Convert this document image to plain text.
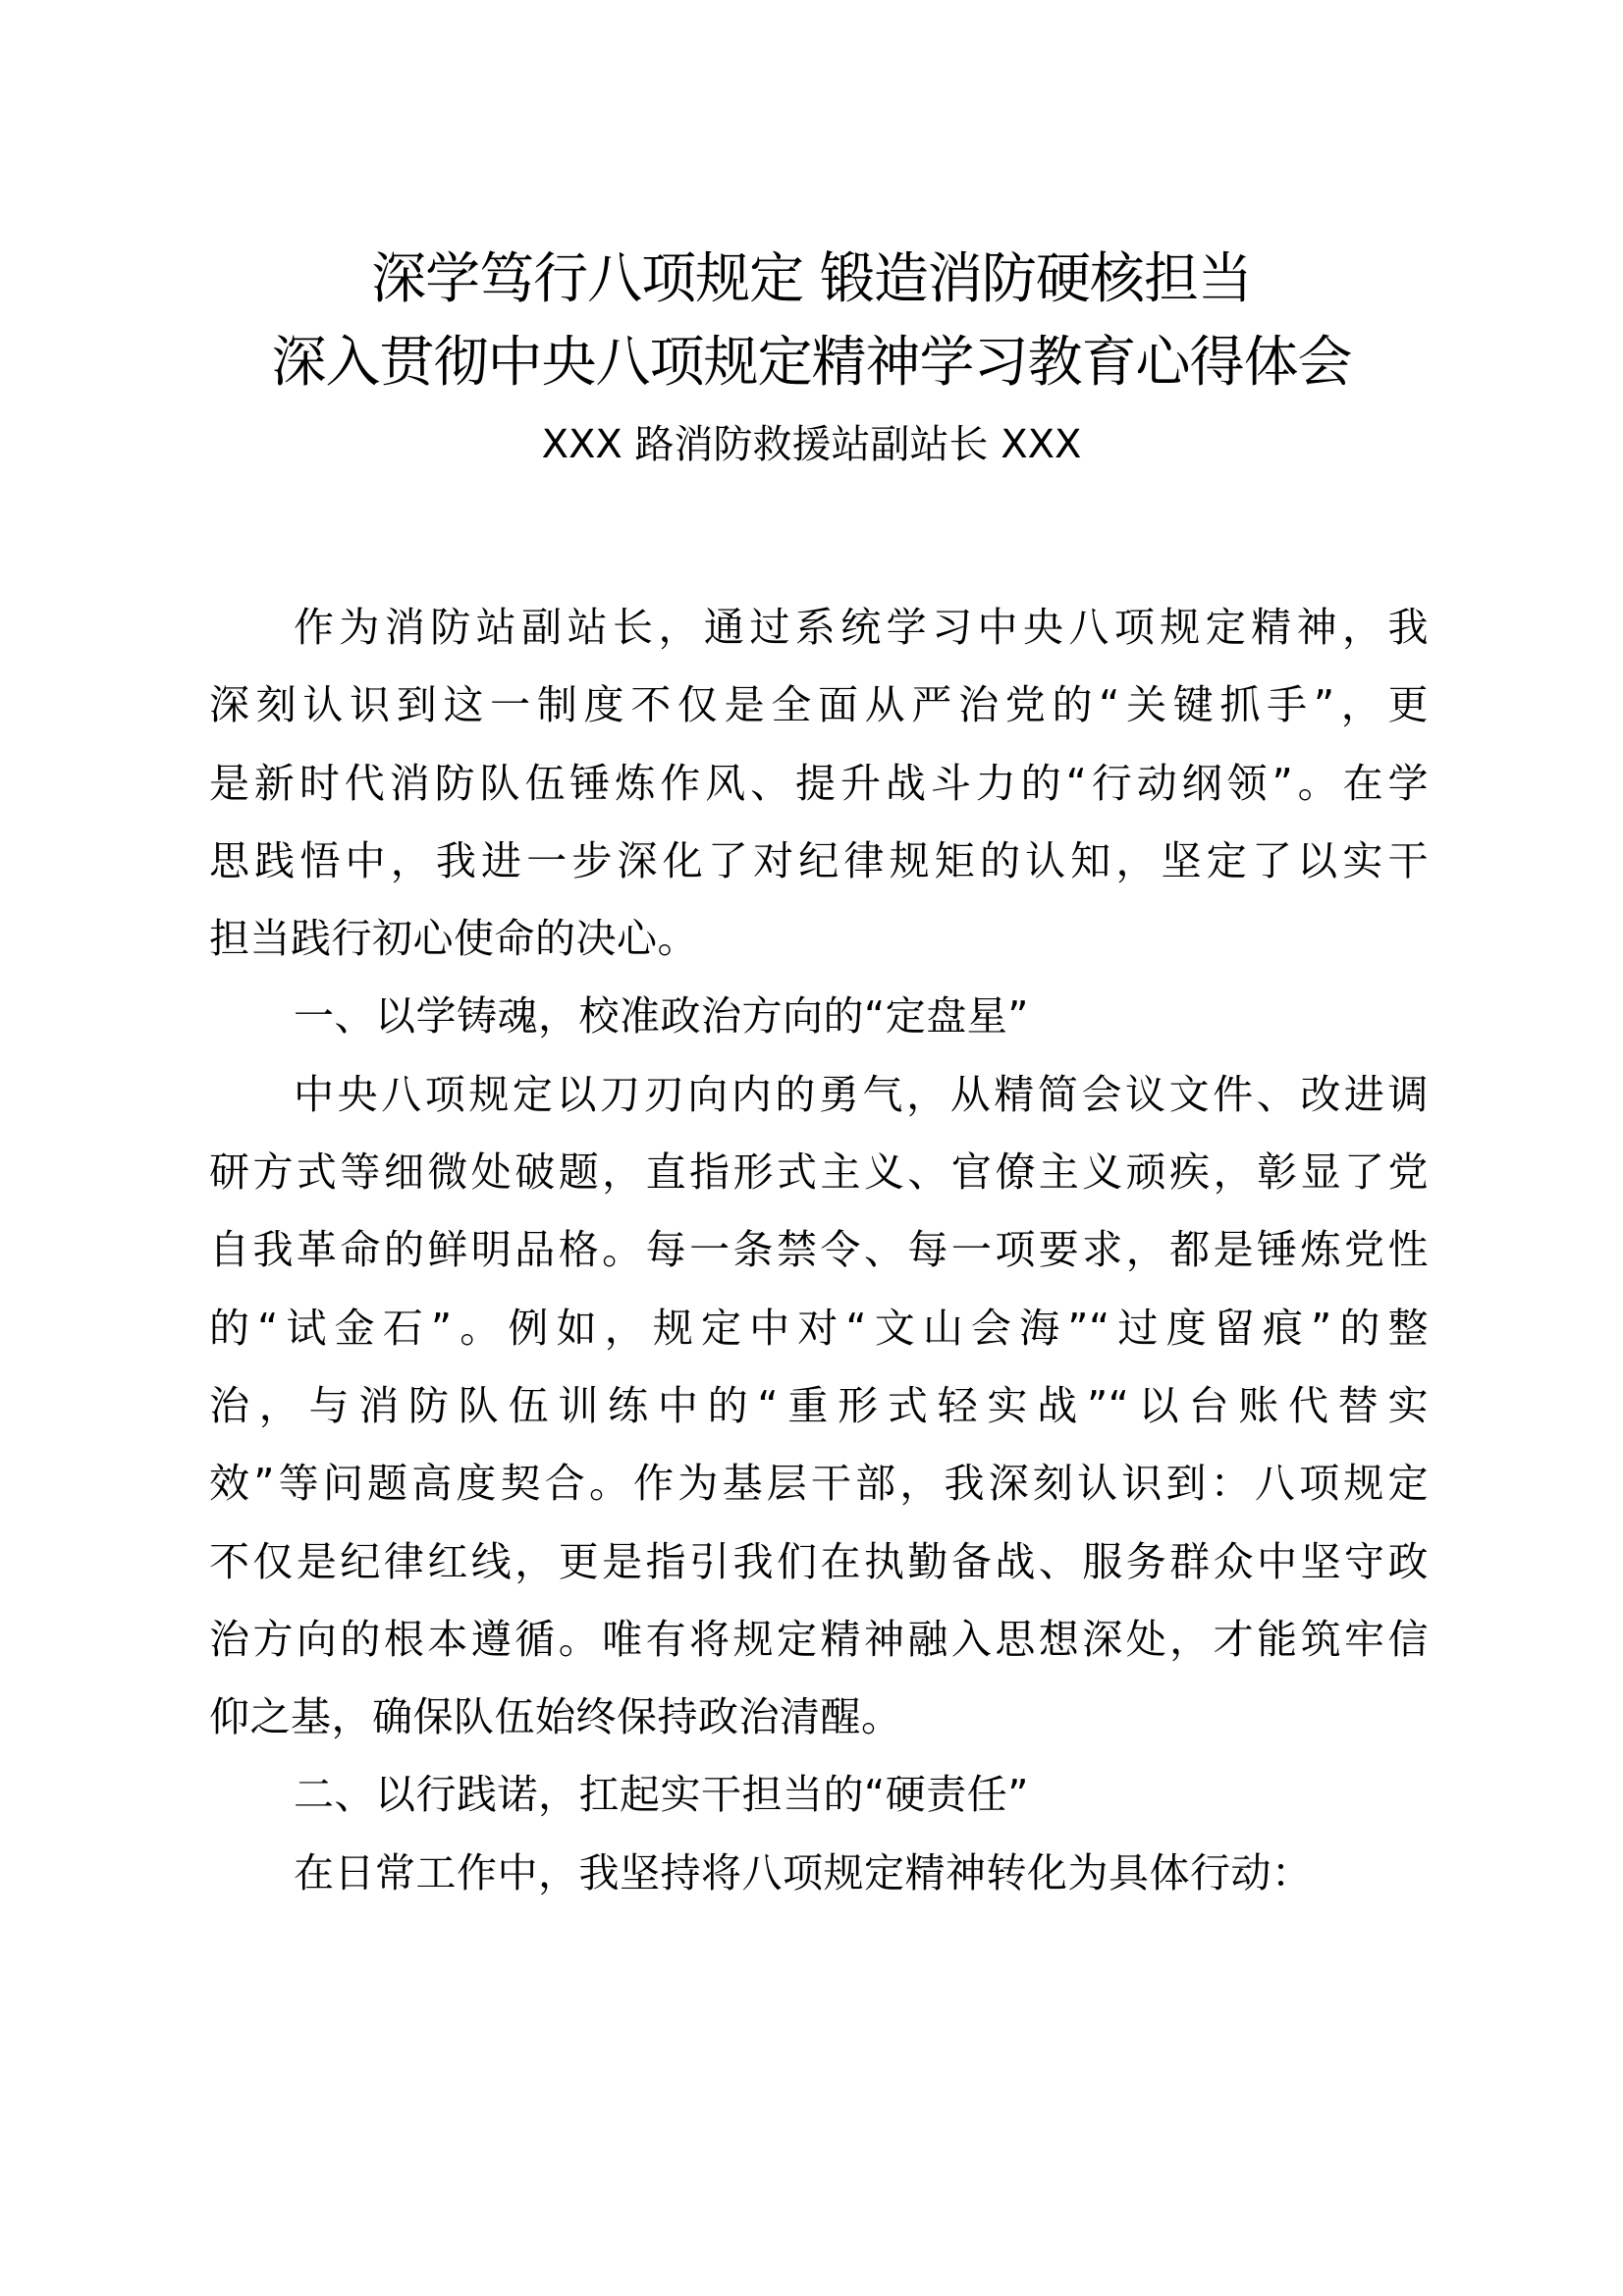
深学笃行八项规定 锻造消防硬核担当
深入贯彻中央八项规定精神学习教育心得体会
XXX 路消防救援站副站长 XXX
作为消防站副站长，通过系统学习中央八项规定精神，我
深刻认识到这一制度不仅是全面从严治党的“关键抓手”，更
是新时代消防队伍锤炼作风、提升战斗力的“行动纲领”。在学
思践悟中，我进一步深化了对纪律规矩的认知，坚定了以实干
担当践行初心使命的决心。
一、以学铸魂，校准政治方向的“定盘星”
中央八项规定以刀刃向内的勇气，从精简会议文件、改进调
研方式等细微处破题，直指形式主义、官僚主义顽疾，彰显了党
自我革命的鲜明品格。每一条禁令、每一项要求，都是锤炼党性
的“试金石”。例如，规定中对“文山会海”“过度留痕”的整
治，与消防队伍训练中的“重形式轻实战”“以台账代替实
效”等问题高度契合。作为基层干部，我深刻认识到：八项规定
不仅是纪律红线，更是指引我们在执勤备战、服务群众中坚守政
治方向的根本遵循。唯有将规定精神融入思想深处，才能筑牢信
仰之基，确保队伍始终保持政治清醒。
二、以行践诺，扛起实干担当的“硬责任”
在日常工作中，我坚持将八项规定精神转化为具体行动：
